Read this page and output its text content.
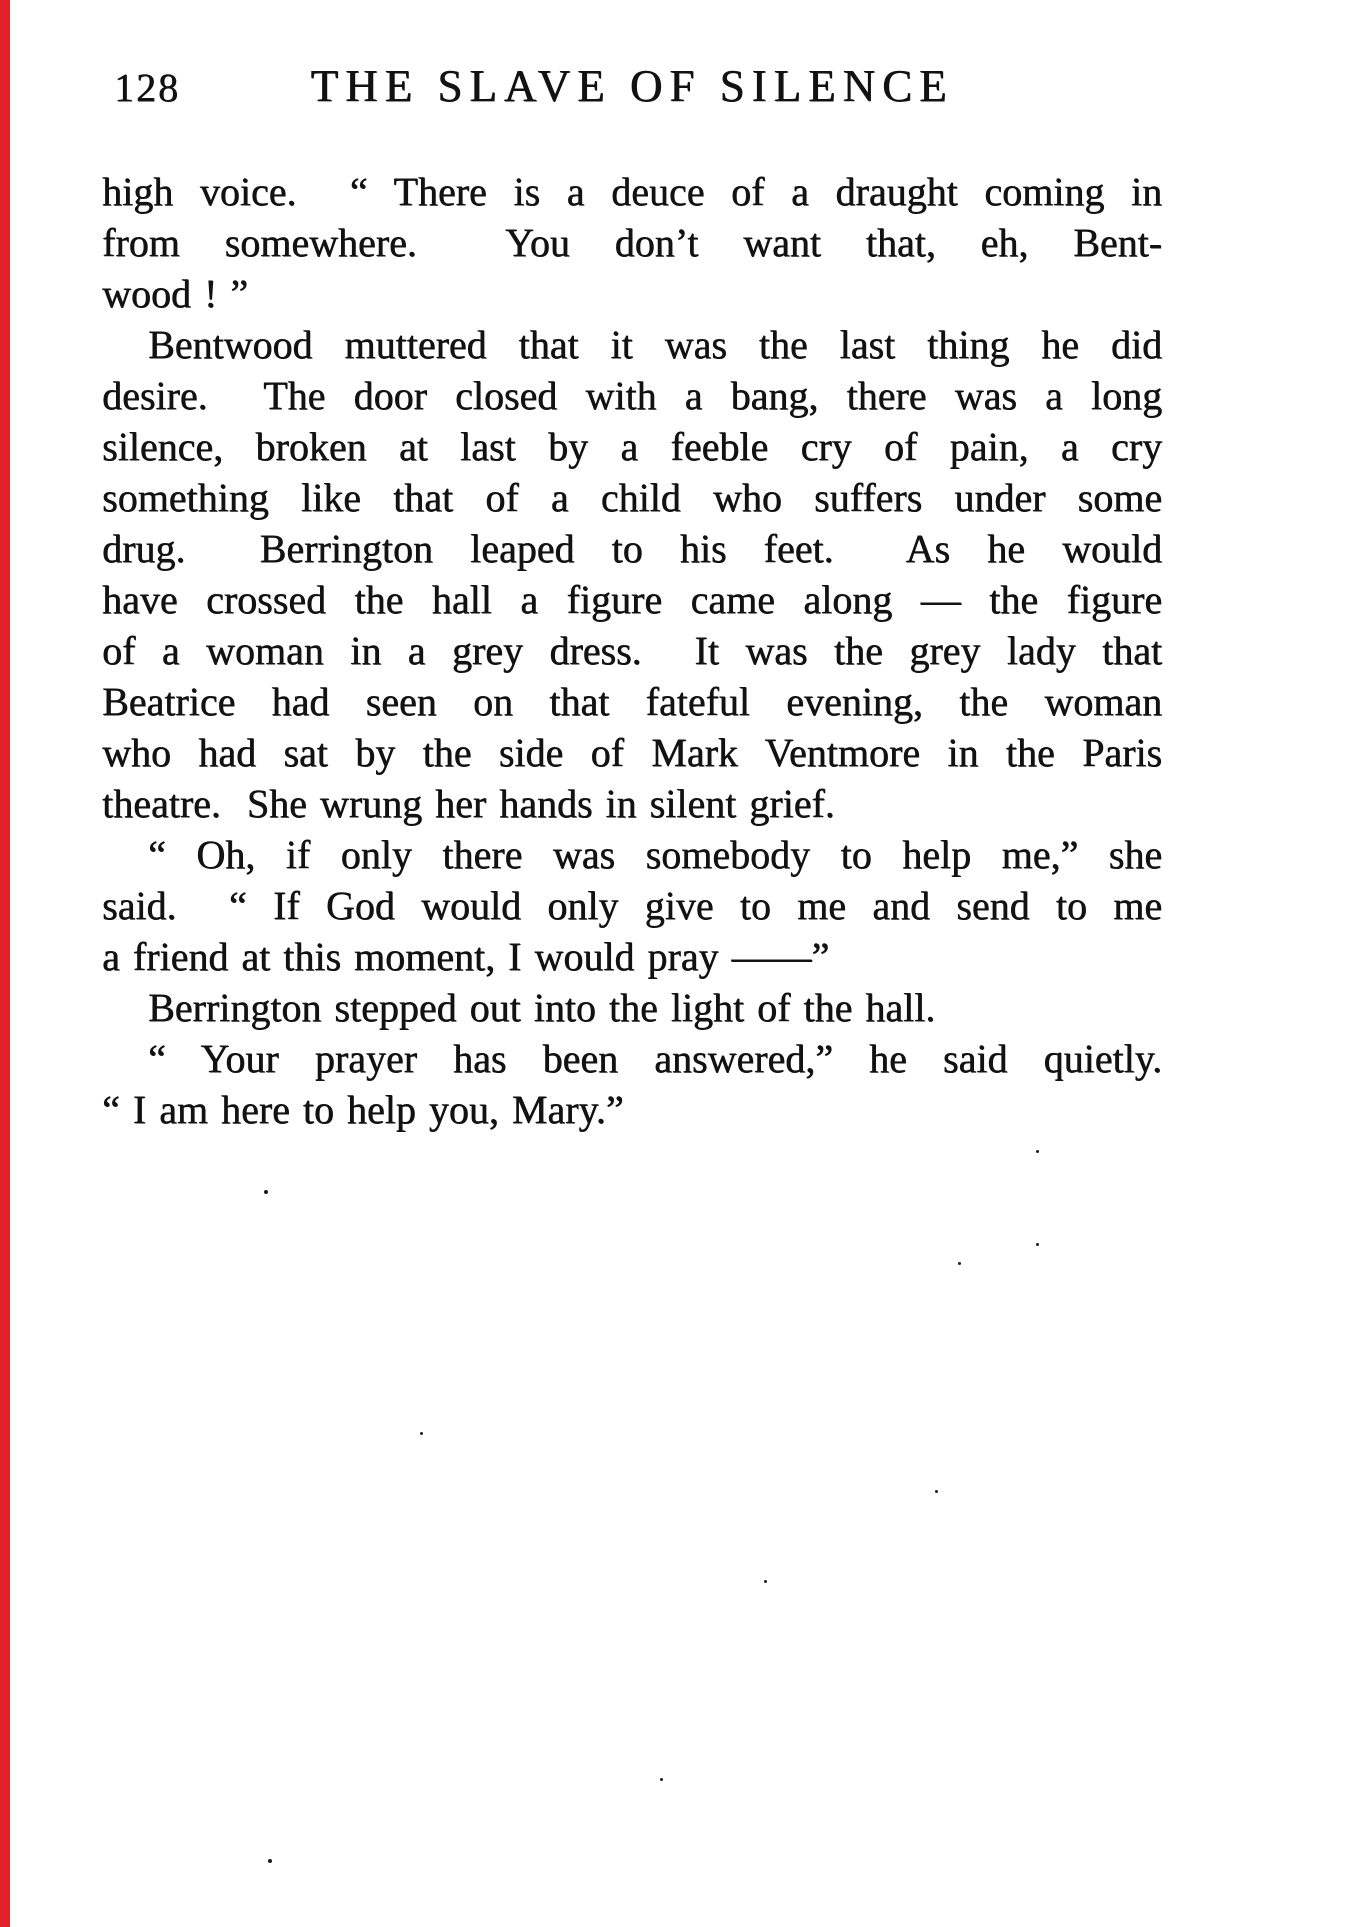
128	THE SLAVE OF SILENCE
high voice.  “ There is a deuce of a draught coming in
from somewhere.  You don’t want that, eh, Bent-
wood ! ”
Bentwood muttered that it was the last thing he did
desire.  The door closed with a bang, there was a long
silence, broken at last by a feeble cry of pain, a cry
something like that of a child who suffers under some
drug.  Berrington leaped to his feet.  As he would
have crossed the hall a figure came along — the figure
of a woman in a grey dress.  It was the grey lady that
Beatrice had seen on that fateful evening, the woman
who had sat by the side of Mark Ventmore in the Paris
theatre.  She wrung her hands in silent grief.
“ Oh, if only there was somebody to help me,” she
said.  “ If God would only give to me and send to me
a friend at this moment, I would pray ——”
Berrington stepped out into the light of the hall.
“ Your prayer has been answered,” he said quietly.
“ I am here to help you, Mary.”
